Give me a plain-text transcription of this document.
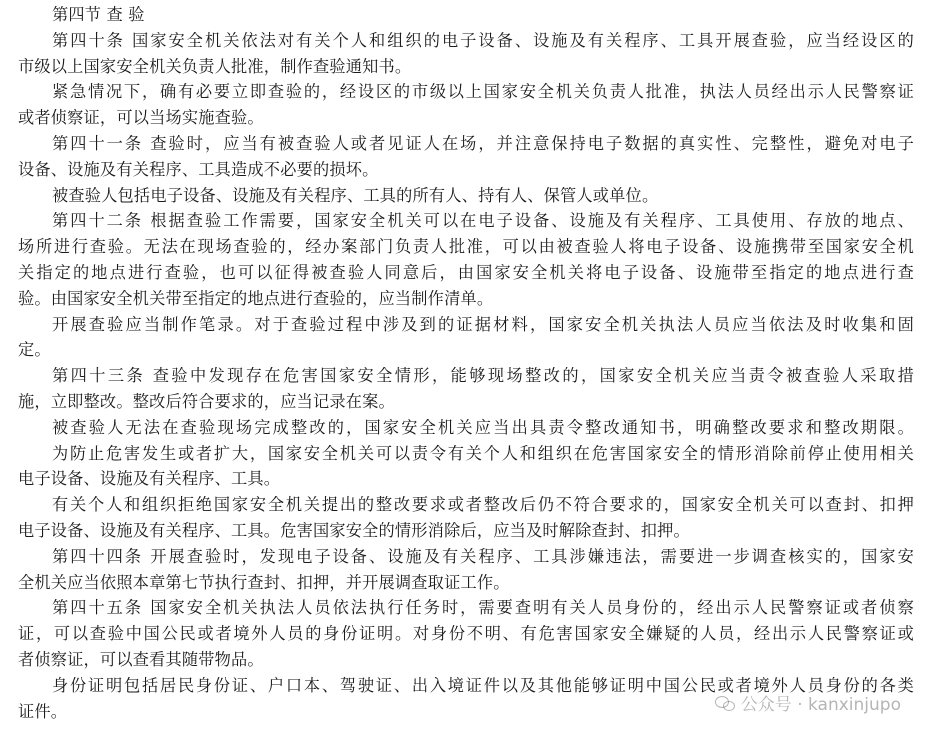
第四节 查 验
第四十条 国家安全机关依法对有关个人和组织的电子设备、设施及有关程序、工具开展查验，应当经设区的
市级以上国家安全机关负责人批准，制作查验通知书。
紧急情况下，确有必要立即查验的，经设区的市级以上国家安全机关负责人批准，执法人员经出示人民警察证
或者侦察证，可以当场实施查验。
第四十一条 查验时，应当有被查验人或者见证人在场，并注意保持电子数据的真实性、完整性，避免对电子
设备、设施及有关程序、工具造成不必要的损坏。
被查验人包括电子设备、设施及有关程序、工具的所有人、持有人、保管人或单位。
第四十二条 根据查验工作需要，国家安全机关可以在电子设备、设施及有关程序、工具使用、存放的地点、
场所进行查验。无法在现场查验的，经办案部门负责人批准，可以由被查验人将电子设备、设施携带至国家安全机
关指定的地点进行查验，也可以征得被查验人同意后，由国家安全机关将电子设备、设施带至指定的地点进行查
验。由国家安全机关带至指定的地点进行查验的，应当制作清单。
开展查验应当制作笔录。对于查验过程中涉及到的证据材料，国家安全机关执法人员应当依法及时收集和固
定。
第四十三条 查验中发现存在危害国家安全情形，能够现场整改的，国家安全机关应当责令被查验人采取措
施，立即整改。整改后符合要求的，应当记录在案。
被查验人无法在查验现场完成整改的，国家安全机关应当出具责令整改通知书，明确整改要求和整改期限。
为防止危害发生或者扩大，国家安全机关可以责令有关个人和组织在危害国家安全的情形消除前停止使用相关
电子设备、设施及有关程序、工具。
有关个人和组织拒绝国家安全机关提出的整改要求或者整改后仍不符合要求的，国家安全机关可以查封、扣押
电子设备、设施及有关程序、工具。危害国家安全的情形消除后，应当及时解除查封、扣押。
第四十四条 开展查验时，发现电子设备、设施及有关程序、工具涉嫌违法，需要进一步调查核实的，国家安
全机关应当依照本章第七节执行查封、扣押，并开展调查取证工作。
第四十五条 国家安全机关执法人员依法执行任务时，需要查明有关人员身份的，经出示人民警察证或者侦察
证，可以查验中国公民或者境外人员的身份证明。对身份不明、有危害国家安全嫌疑的人员，经出示人民警察证或
者侦察证，可以查看其随带物品。
身份证明包括居民身份证、户口本、驾驶证、出入境证件以及其他能够证明中国公民或者境外人员身份的各类
证件。	公众号 · kanxinjupo
